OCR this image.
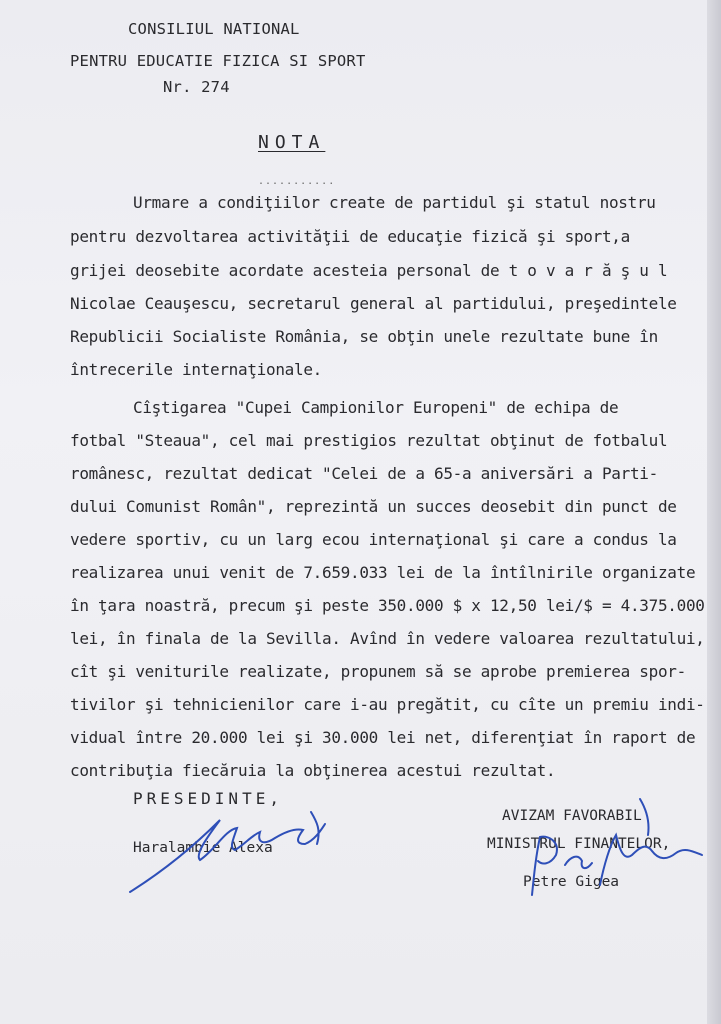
CONSILIUL NATIONAL
PENTRU EDUCATIE FIZICA SI SPORT
Nr. 274
NOTA
...........
Urmare a condiţiilor create de partidul şi statul nostru
pentru dezvoltarea activităţii de educaţie fizică şi sport,a
grijei deosebite acordate acesteia personal de t o v a r ă ş u l
Nicolae Ceauşescu, secretarul general al partidului, preşedintele
Republicii Socialiste România, se obţin unele rezultate bune în
întrecerile internaţionale.
Cîştigarea "Cupei Campionilor Europeni" de echipa de
fotbal "Steaua", cel mai prestigios rezultat obţinut de fotbalul
românesc, rezultat dedicat "Celei de a 65-a aniversări a Parti-
dului Comunist Român", reprezintă un succes deosebit din punct de
vedere sportiv, cu un larg ecou internaţional şi care a condus la
realizarea unui venit de 7.659.033 lei de la întîlnirile organizate
în ţara noastră, precum şi peste 350.000 $ x 12,50 lei/$ = 4.375.000
lei, în finala de la Sevilla. Avînd în vedere valoarea rezultatului,
cît şi veniturile realizate, propunem să se aprobe premierea spor-
tivilor şi tehnicienilor care i-au pregătit, cu cîte un premiu indi-
vidual între 20.000 lei şi 30.000 lei net, diferenţiat în raport de
contribuţia fiecăruia la obţinerea acestui rezultat.
PRESEDINTE,
Haralambie Alexa
AVIZAM FAVORABIL
MINISTRUL FINANTELOR,
Petre Gigea
